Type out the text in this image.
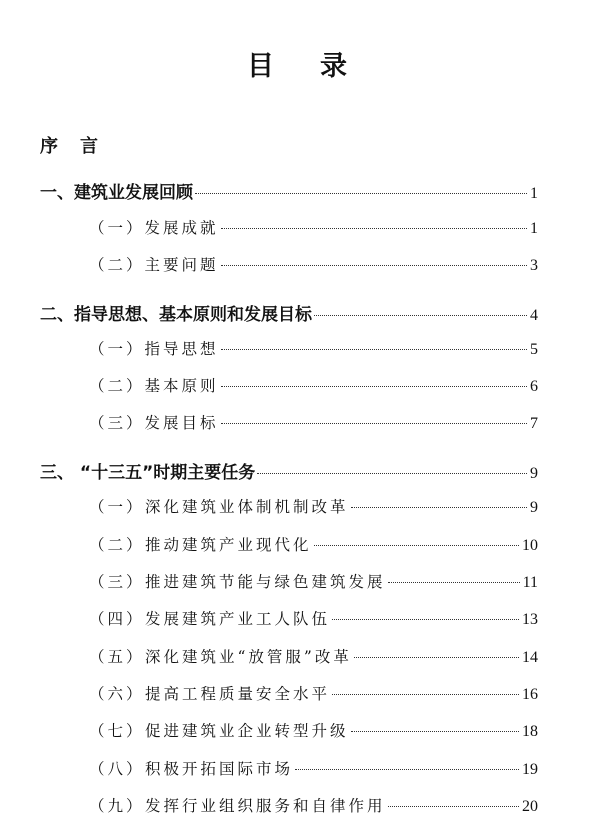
目 录
序 言
一、建筑业发展回顾	1
（一）发展成就	1
（二）主要问题	3
二、指导思想、基本原则和发展目标	4
（一）指导思想	5
（二）基本原则	6
（三）发展目标	7
三、 “十三五”时期主要任务	9
（一） 深化建筑业体制机制改革	9
（二） 推动建筑产业现代化	10
（三） 推进建筑节能与绿色建筑发展	11
（四） 发展建筑产业工人队伍	13
（五） 深化建筑业“放管服”改革	14
（六） 提高工程质量安全水平	16
（七） 促进建筑业企业转型升级	18
（八） 积极开拓国际市场	19
（九） 发挥行业组织服务和自律作用	20
